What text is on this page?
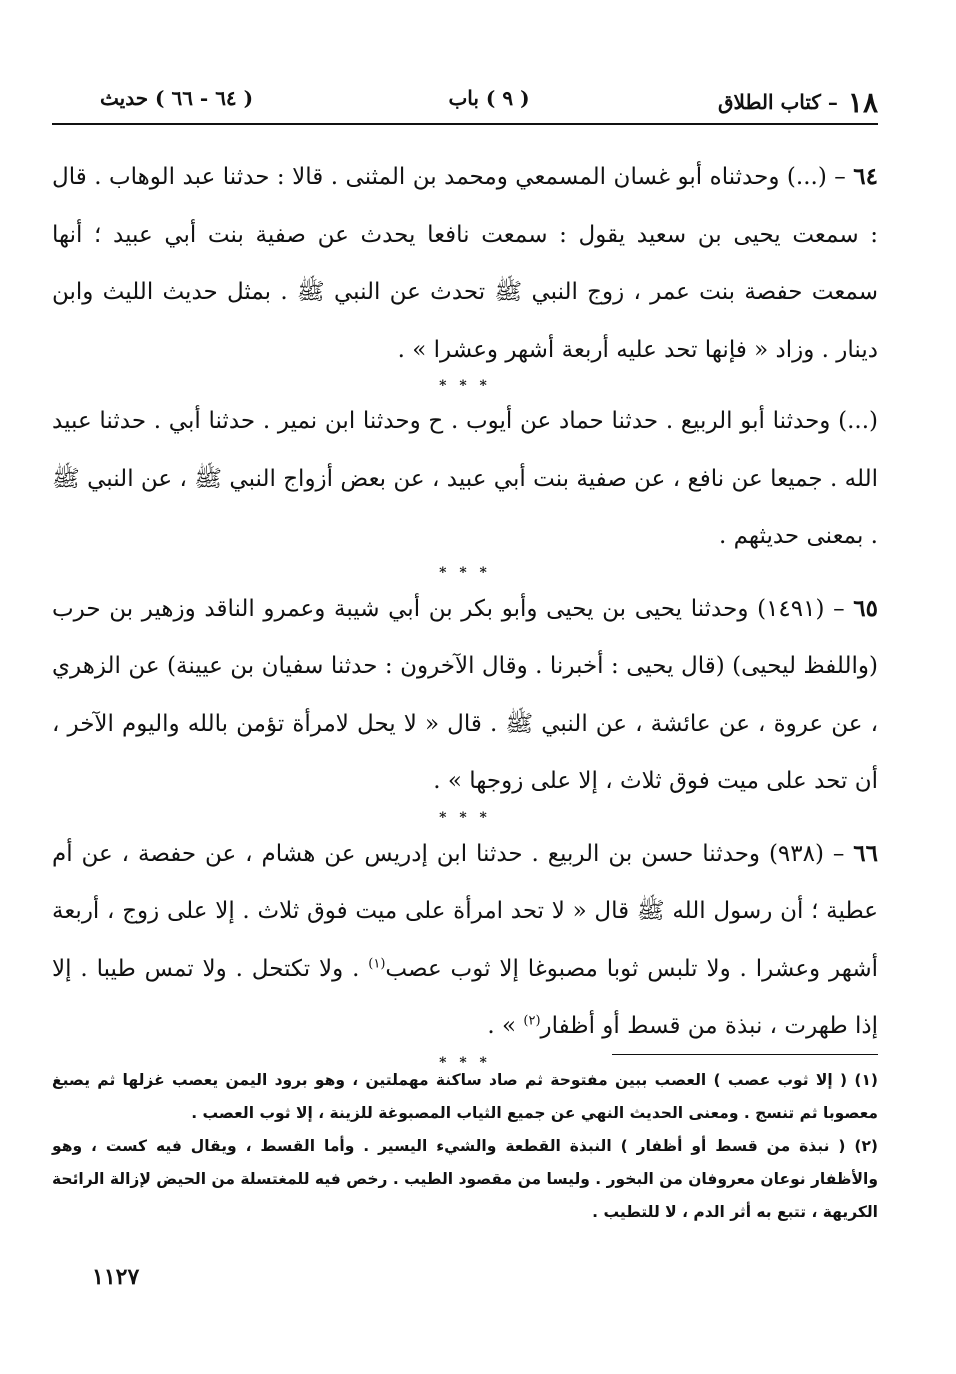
١٨– كتاب الطلاق
( ٩ ) باب
( ٦٤ - ٦٦ ) حديث

٦٤ – (...) وحدثناه أبو غسان المسمعي ومحمد بن المثنى . قالا : حدثنا عبد الوهاب . قال : سمعت يحيى بن سعيد يقول : سمعت نافعا يحدث عن صفية بنت أبي عبيد ؛ أنها سمعت حفصة بنت عمر ، زوج النبي ﷺ تحدث عن النبي ﷺ . بمثل حديث الليث وابن دينار . وزاد « فإنها تحد عليه أربعة أشهر وعشرا » .

* * *

(...) وحدثنا أبو الربيع . حدثنا حماد عن أيوب . ح وحدثنا ابن نمير . حدثنا أبي . حدثنا عبيد الله . جميعا عن نافع ، عن صفية بنت أبي عبيد ، عن بعض أزواج النبي ﷺ ، عن النبي ﷺ . بمعنى حديثهم .

* * *

٦٥ – (١٤٩١) وحدثنا يحيى بن يحيى وأبو بكر بن أبي شيبة وعمرو الناقد وزهير بن حرب (واللفظ ليحيى) (قال يحيى : أخبرنا . وقال الآخرون : حدثنا سفيان بن عيينة) عن الزهري ، عن عروة ، عن عائشة ، عن النبي ﷺ . قال « لا يحل لامرأة تؤمن بالله واليوم الآخر ، أن تحد على ميت فوق ثلاث ، إلا على زوجها » .

* * *

٦٦ – (٩٣٨) وحدثنا حسن بن الربيع . حدثنا ابن إدريس عن هشام ، عن حفصة ، عن أم عطية ؛ أن رسول الله ﷺ قال « لا تحد امرأة على ميت فوق ثلاث . إلا على زوج ، أربعة أشهر وعشرا . ولا تلبس ثوبا مصبوغا إلا ثوب عصب$^{(١)}$ . ولا تكتحل . ولا تمس طيبا . إلا إذا طهرت ، نبذة من قسط أو أظفار$^{(٢)}$ » .

* * *

(١) ( إلا ثوب عصب ) العصب ببين مفتوحة ثم صاد ساكنة مهملتين ، وهو برود اليمن يعصب غزلها ثم يصبغ معصوبا ثم تنسج . ومعنى الحديث النهي عن جميع الثياب المصبوغة للزينة ، إلا ثوب العصب .

(٢) ( نبذة من قسط أو أظفار ) النبذة القطعة والشيء اليسير . وأما القسط ، ويقال فيه كست ، وهو والأظفار نوعان معروفان من البخور . وليسا من مقصود الطيب . رخص فيه للمغتسلة من الحيض لإزالة الرائحة الكريهة ، تتبع به أثر الدم ، لا للتطيب .

١١٢٧
